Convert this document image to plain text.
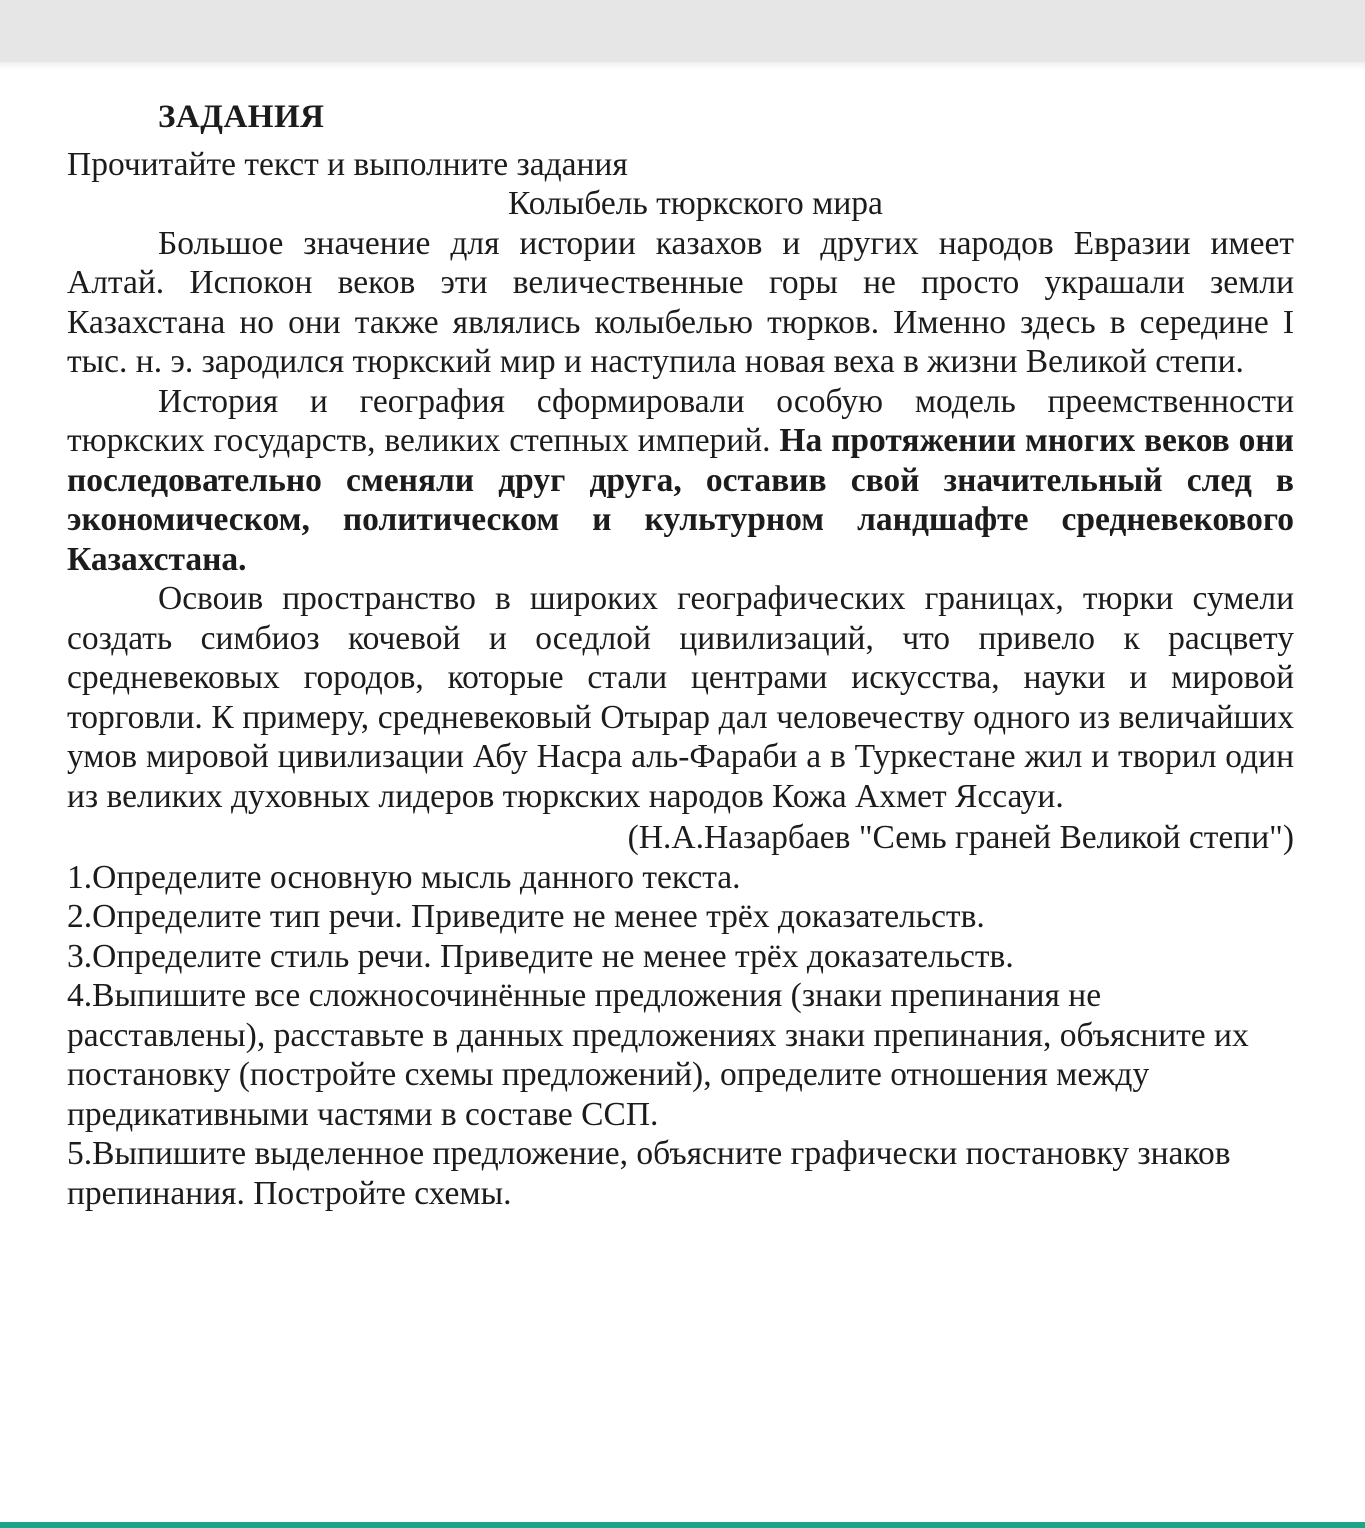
ЗАДАНИЯ
Прочитайте текст и выполните задания
Колыбель тюркского мира

Большое значение для истории казахов и других народов Евразии имеет Алтай. Испокон веков эти величественные горы не просто украшали земли Казахстана но они также являлись колыбелью тюрков. Именно здесь в середине I тыс. н. э. зародился тюркский мир и наступила новая веха в жизни Великой степи.

История и география сформировали особую модель преемственности тюркских государств, великих степных империй. На протяжении многих веков они последовательно сменяли друг друга, оставив свой значительный след в экономическом, политическом и культурном ландшафте средневекового Казахстана.

Освоив пространство в широких географических границах, тюрки сумели создать симбиоз кочевой и оседлой цивилизаций, что привело к расцвету средневековых городов, которые стали центрами искусства, науки и мировой торговли. К примеру, средневековый Отырар дал человечеству одного из величайших умов мировой цивилизации Абу Насра аль-Фараби а в Туркестане жил и творил один из великих духовных лидеров тюркских народов Кожа Ахмет Яссауи.

(Н.А.Назарбаев "Семь граней Великой степи")

1.Определите основную мысль данного текста.

2.Определите тип речи. Приведите не менее трёх доказательств.

3.Определите стиль речи. Приведите не менее трёх доказательств.

4.Выпишите все сложносочинённые предложения (знаки препинания не расставлены), расставьте в данных предложениях знаки препинания, объясните их постановку (постройте схемы предложений), определите отношения между предикативными частями в составе ССП.

5.Выпишите выделенное предложение, объясните графически постановку знаков препинания. Постройте схемы.
